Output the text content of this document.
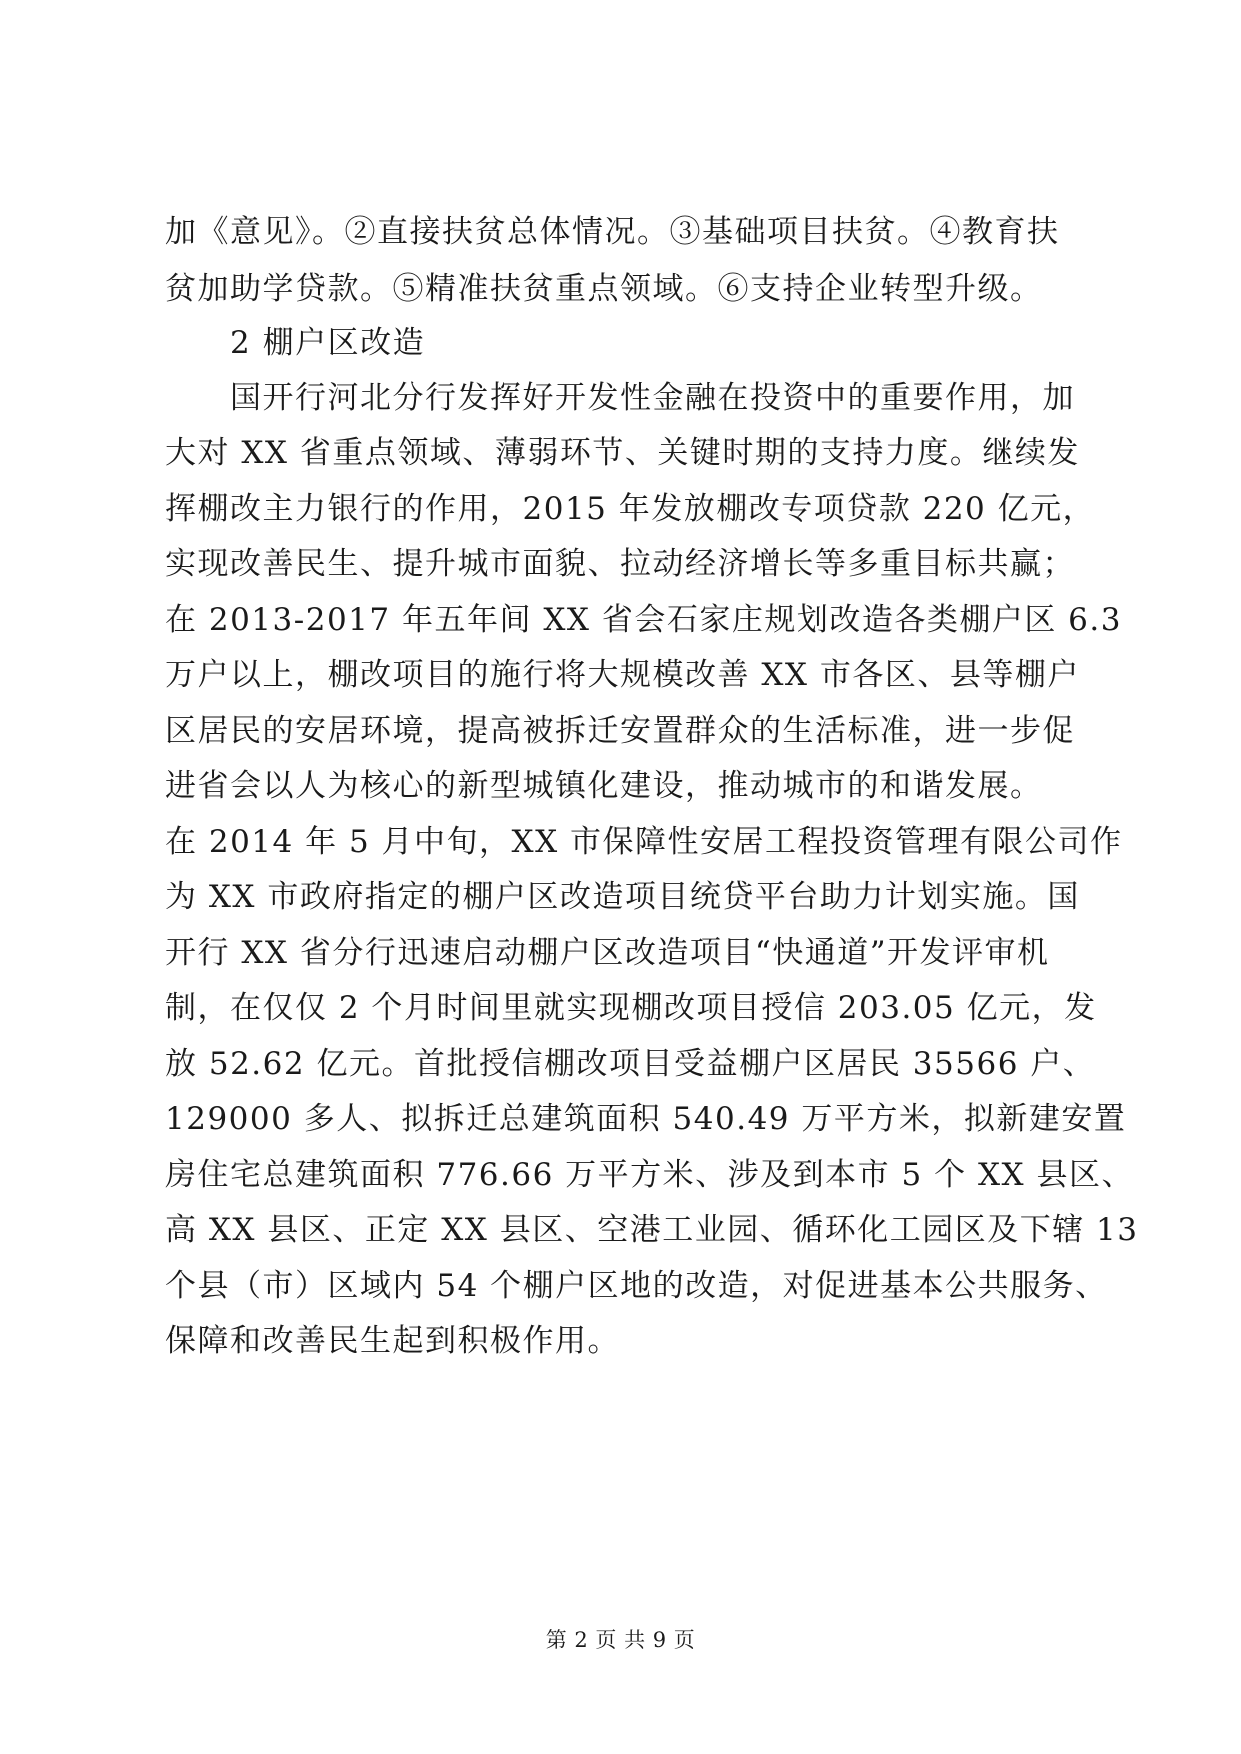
加《意见》。②直接扶贫总体情况。③基础项目扶贫。④教育扶
贫加助学贷款。⑤精准扶贫重点领域。⑥支持企业转型升级。
2 棚户区改造
国开行河北分行发挥好开发性金融在投资中的重要作用，加
大对 XX 省重点领域、薄弱环节、关键时期的支持力度。继续发
挥棚改主力银行的作用，2015 年发放棚改专项贷款 220 亿元，
实现改善民生、提升城市面貌、拉动经济增长等多重目标共赢；
在 2013-2017 年五年间 XX 省会石家庄规划改造各类棚户区 6.3
万户以上，棚改项目的施行将大规模改善 XX 市各区、县等棚户
区居民的安居环境，提高被拆迁安置群众的生活标准，进一步促
进省会以人为核心的新型城镇化建设，推动城市的和谐发展。
在 2014 年 5 月中旬，XX 市保障性安居工程投资管理有限公司作
为 XX 市政府指定的棚户区改造项目统贷平台助力计划实施。国
开行 XX 省分行迅速启动棚户区改造项目“快通道”开发评审机
制，在仅仅 2 个月时间里就实现棚改项目授信 203.05 亿元，发
放 52.62 亿元。首批授信棚改项目受益棚户区居民 35566 户、
129000 多人、拟拆迁总建筑面积 540.49 万平方米，拟新建安置
房住宅总建筑面积 776.66 万平方米、涉及到本市 5 个 XX 县区、
高 XX 县区、正定 XX 县区、空港工业园、循环化工园区及下辖 13
个县（市）区域内 54 个棚户区地的改造，对促进基本公共服务、
保障和改善民生起到积极作用。
第 2 页 共 9 页
